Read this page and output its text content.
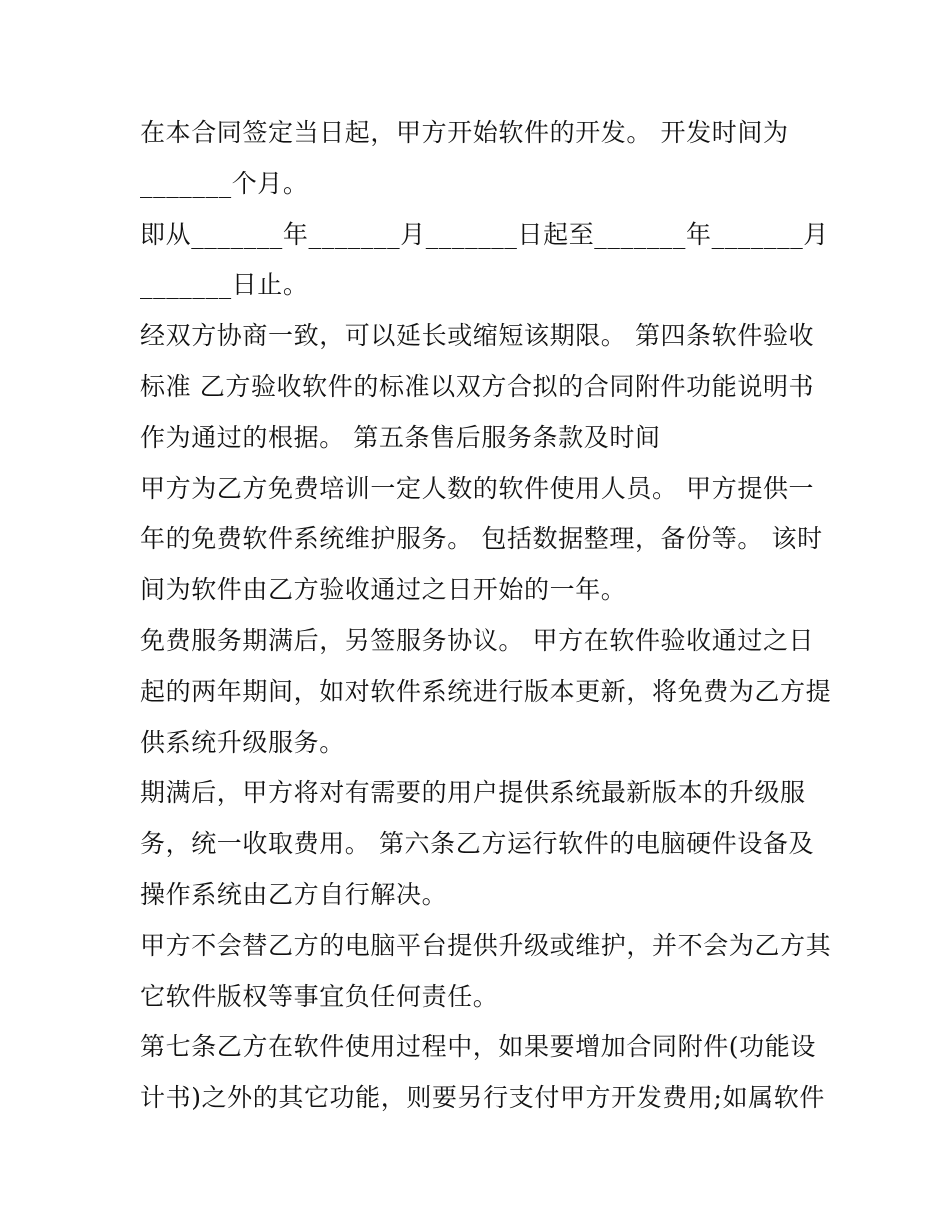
在本合同签定当日起，甲方开始软件的开发。 开发时间为
_______个月。
即从_______年_______月_______日起至_______年_______月
_______日止。
经双方协商一致，可以延长或缩短该期限。 第四条软件验收
标准 乙方验收软件的标准以双方合拟的合同附件功能说明书
作为通过的根据。 第五条售后服务条款及时间
甲方为乙方免费培训一定人数的软件使用人员。 甲方提供一
年的免费软件系统维护服务。 包括数据整理，备份等。 该时
间为软件由乙方验收通过之日开始的一年。
免费服务期满后，另签服务协议。 甲方在软件验收通过之日
起的两年期间，如对软件系统进行版本更新，将免费为乙方提
供系统升级服务。
期满后，甲方将对有需要的用户提供系统最新版本的升级服
务，统一收取费用。 第六条乙方运行软件的电脑硬件设备及
操作系统由乙方自行解决。
甲方不会替乙方的电脑平台提供升级或维护，并不会为乙方其
它软件版权等事宜负任何责任。
第七条乙方在软件使用过程中，如果要增加合同附件(功能设
计书)之外的其它功能，则要另行支付甲方开发费用;如属软件
